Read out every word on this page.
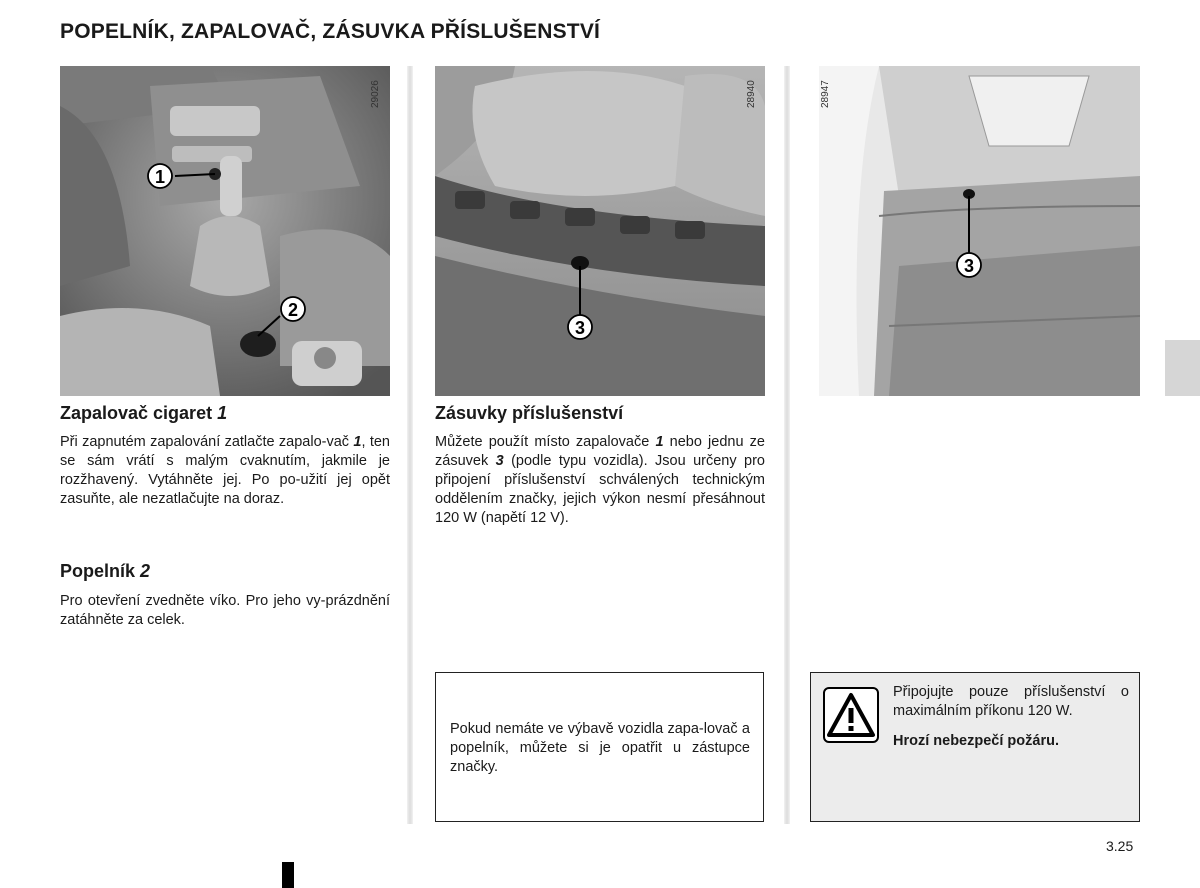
POPELNÍK, ZAPALOVAČ, ZÁSUVKA PŘÍSLUŠENSTVÍ
29026
1
2
28940
3
28947
3
Zapalovač cigaret 1
Při zapnutém zapalování zatlačte zapalo-vač 1, ten se sám vrátí s malým cvaknutím, jakmile je rozžhavený. Vytáhněte jej. Po po-užití jej opět zasuňte, ale nezatlačujte na doraz.
Popelník 2
Pro otevření zvedněte víko. Pro jeho vy-prázdnění zatáhněte za celek.
Zásuvky příslušenství
Můžete použít místo zapalovače 1 nebo jednu ze zásuvek 3 (podle typu vozidla). Jsou určeny pro připojení příslušenství schválených technickým oddělením značky, jejich výkon nesmí přesáhnout 120 W (napětí 12 V).
Pokud nemáte ve výbavě vozidla zapa-lovač a popelník, můžete si je opatřit u zástupce značky.
Připojujte pouze příslušenství o maximálním příkonu 120 W.
Hrozí nebezpečí požáru.
3.25
